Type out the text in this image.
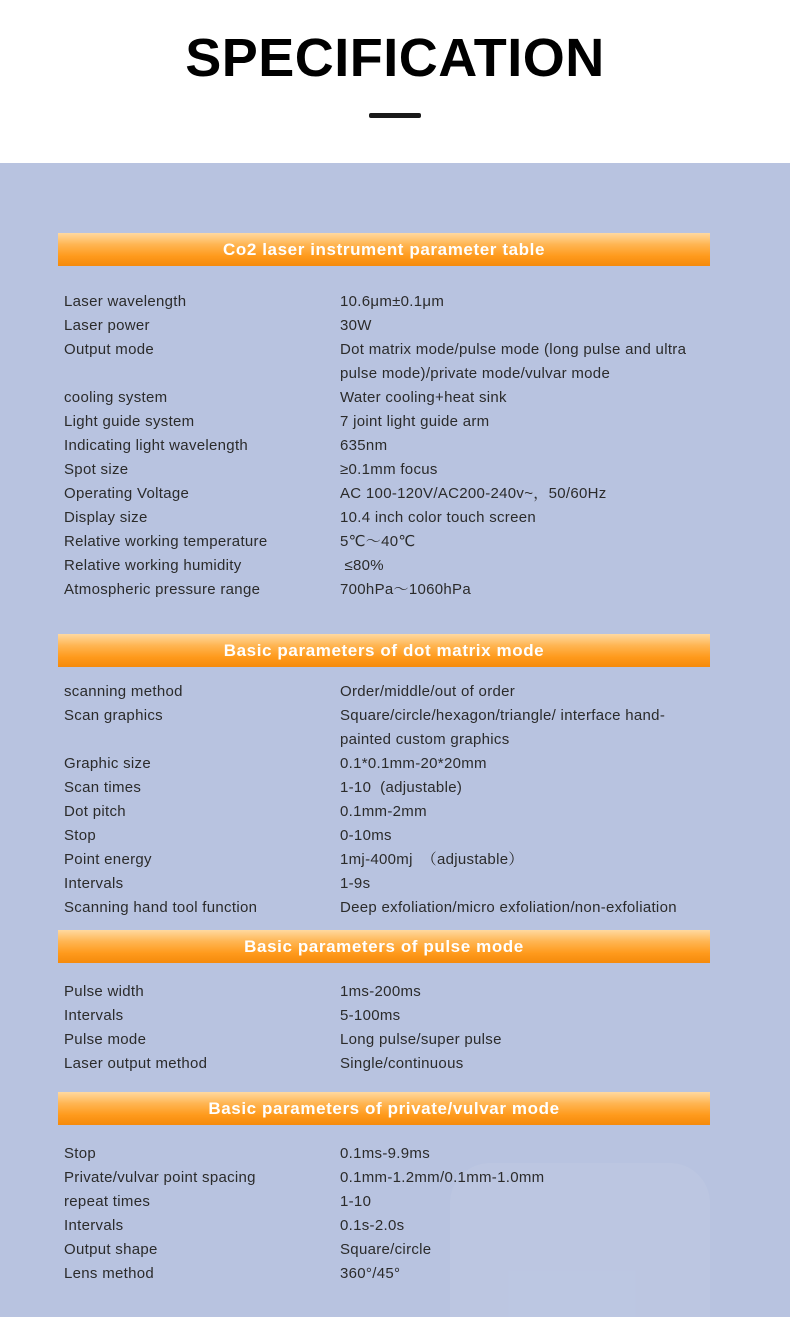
SPECIFICATION
Co2 laser instrument parameter table
Laser wavelength	10.6μm±0.1μm
Laser power	30W
Output mode	Dot matrix mode/pulse mode (long pulse and ultra pulse mode)/private mode/vulvar mode
cooling system	Water cooling+heat sink
Light guide system	7 joint light guide arm
Indicating light wavelength	635nm
Spot size	≥0.1mm focus
Operating Voltage	AC 100-120V/AC200-240v~，50/60Hz
Display size	10.4 inch color touch screen
Relative working temperature	5℃～40℃
Relative working humidity	≤80%
Atmospheric pressure range	700hPa～1060hPa
Basic parameters of dot matrix mode
scanning method	Order/middle/out of order
Scan graphics	Square/circle/hexagon/triangle/ interface hand-painted custom graphics
Graphic size	0.1*0.1mm-20*20mm
Scan times	1-10  (adjustable)
Dot pitch	0.1mm-2mm
Stop	0-10ms
Point energy	1mj-400mj  （adjustable）
Intervals	1-9s
Scanning hand tool function	Deep exfoliation/micro exfoliation/non-exfoliation
Basic parameters of pulse mode
Pulse width	1ms-200ms
Intervals	5-100ms
Pulse mode	Long pulse/super pulse
Laser output method	Single/continuous
Basic parameters of private/vulvar mode
Stop	0.1ms-9.9ms
Private/vulvar point spacing	0.1mm-1.2mm/0.1mm-1.0mm
repeat times	1-10
Intervals	0.1s-2.0s
Output shape	Square/circle
Lens method	360°/45°
